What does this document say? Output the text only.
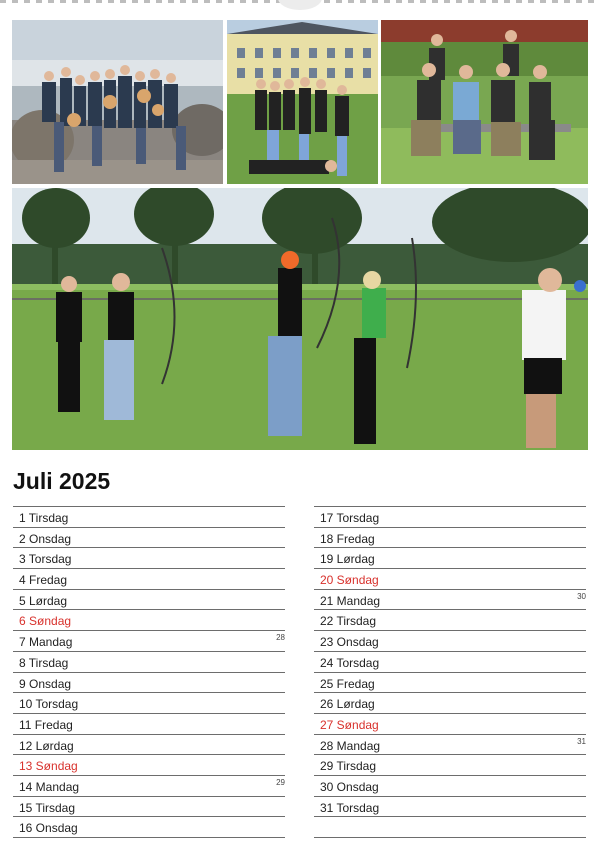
Juli 2025
1 Tirsdag
2 Onsdag
3 Torsdag
4 Fredag
5 Lørdag
6 Søndag
7 Mandag	28
8 Tirsdag
9 Onsdag
10 Torsdag
11 Fredag
12 Lørdag
13 Søndag
14 Mandag	29
15 Tirsdag
16 Onsdag
17 Torsdag
18 Fredag
19 Lørdag
20 Søndag
21 Mandag	30
22 Tirsdag
23 Onsdag
24 Torsdag
25 Fredag
26 Lørdag
27 Søndag
28 Mandag	31
29 Tirsdag
30 Onsdag
31 Torsdag
